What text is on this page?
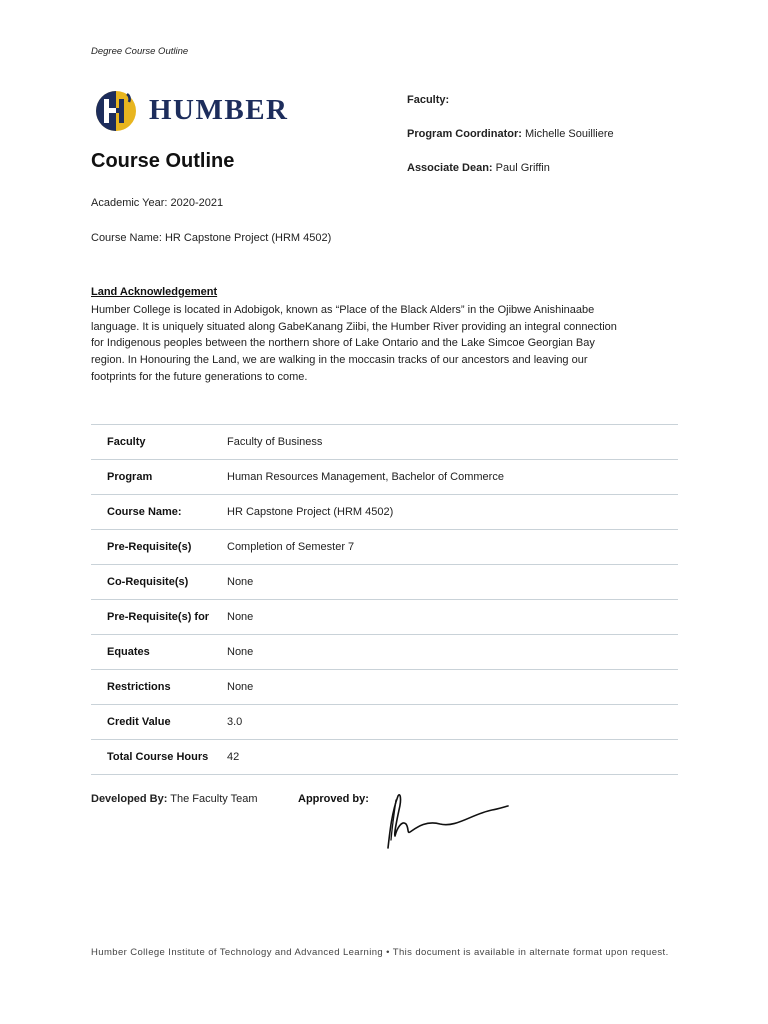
Degree Course Outline
HUMBER
Course Outline
Faculty:
Program Coordinator: Michelle Souilliere
Associate Dean: Paul Griffin
Academic Year: 2020-2021
Course Name: HR Capstone Project (HRM 4502)
Land Acknowledgement
Humber College is located in Adobigok, known as “Place of the Black Alders” in the Ojibwe Anishinaabe
language. It is uniquely situated along GabeKanang Ziibi, the Humber River providing an integral connection
for Indigenous peoples between the northern shore of Lake Ontario and the Lake Simcoe Georgian Bay
region. In Honouring the Land, we are walking in the moccasin tracks of our ancestors and leaving our
footprints for the future generations to come.
Faculty	Faculty of Business
Program	Human Resources Management, Bachelor of Commerce
Course Name:	HR Capstone Project (HRM 4502)
Pre-Requisite(s)	Completion of Semester 7
Co-Requisite(s)	None
Pre-Requisite(s) for	None
Equates	None
Restrictions	None
Credit Value	3.0
Total Course Hours	42
Developed By: The Faculty Team	Approved by:
Humber College Institute of Technology and Advanced Learning • This document is available in alternate format upon request.
